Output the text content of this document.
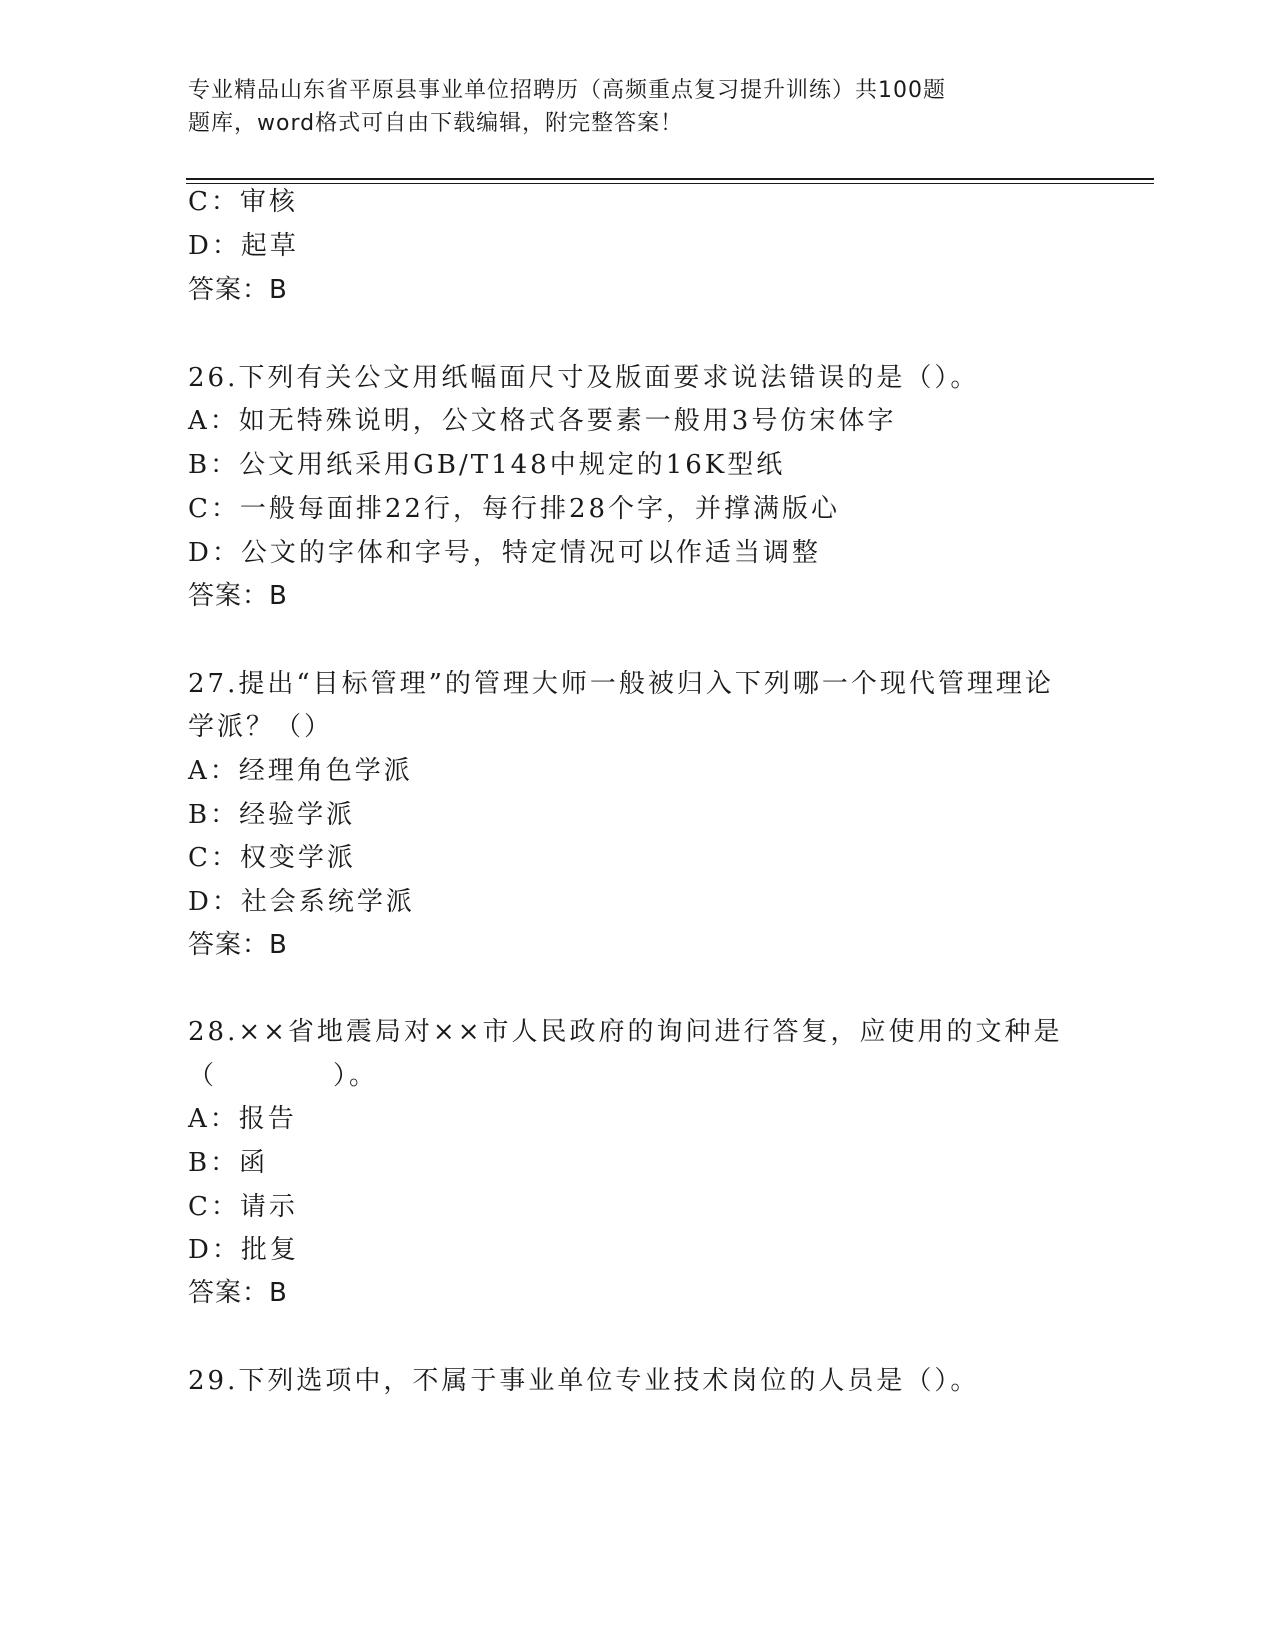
专业精品山东省平原县事业单位招聘历（高频重点复习提升训练）共100题
题库，word格式可自由下载编辑，附完整答案！
C：审核
D：起草
答案：B
26.下列有关公文用纸幅面尺寸及版面要求说法错误的是（）。
A：如无特殊说明，公文格式各要素一般用3号仿宋体字
B：公文用纸采用GB/T148中规定的16K型纸
C：一般每面排22行，每行排28个字，并撑满版心
D：公文的字体和字号，特定情况可以作适当调整
答案：B
27.提出“目标管理”的管理大师一般被归入下列哪一个现代管理理论
学派？（）
A：经理角色学派
B：经验学派
C：权变学派
D：社会系统学派
答案：B
28.××省地震局对××市人民政府的询问进行答复，应使用的文种是
（　　　　）。
A：报告
B：函
C：请示
D：批复
答案：B
29.下列选项中，不属于事业单位专业技术岗位的人员是（）。
